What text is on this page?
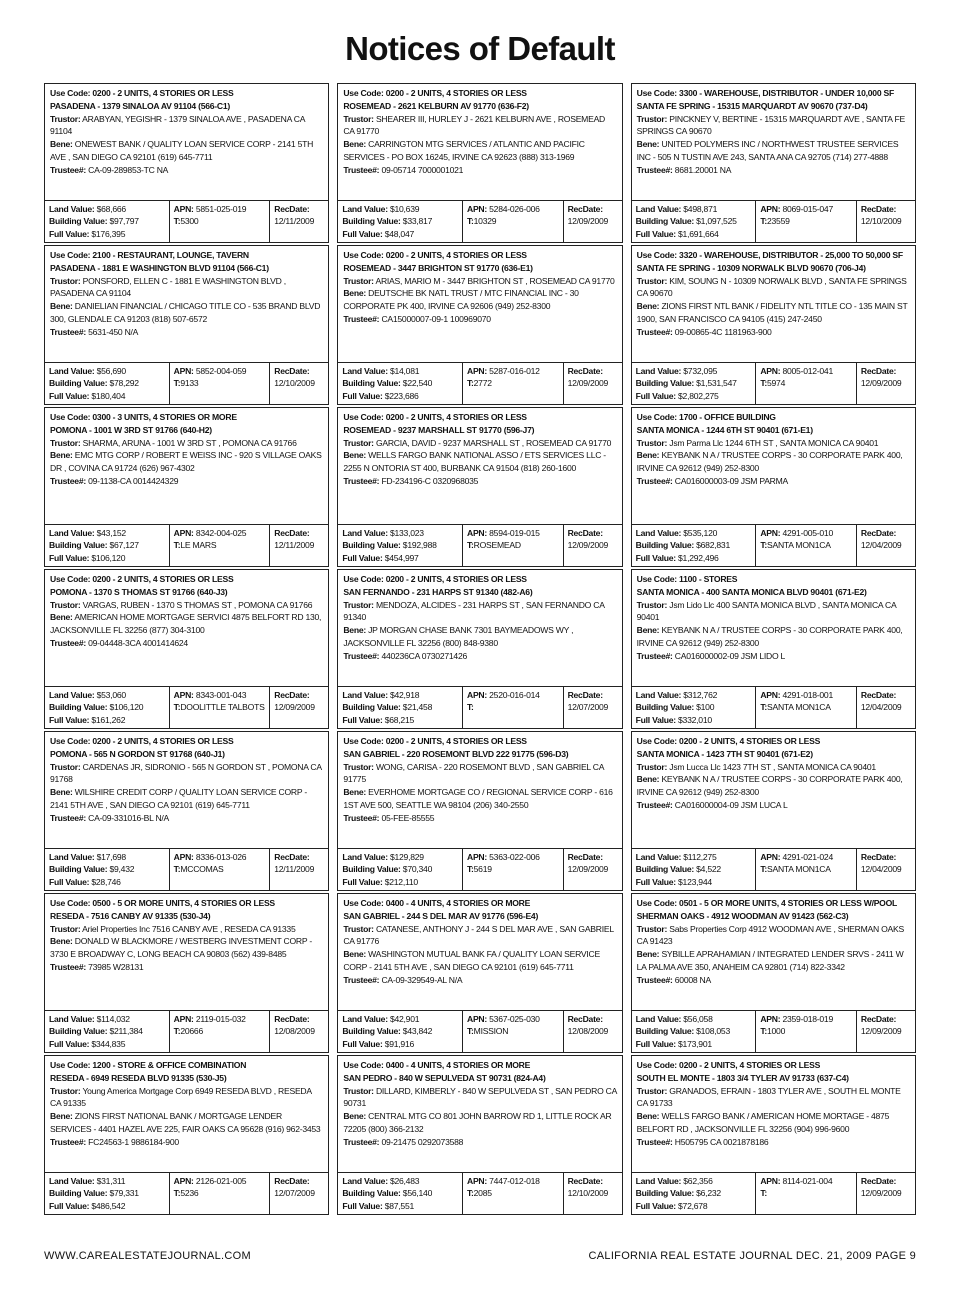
Notices of Default
Use Code: 0200 - 2 UNITS, 4 STORIES OR LESS
PASADENA - 1379 SINALOA AV 91104 (566-C1)
Trustor: ARABYAN, YEGISHR - 1379 SINALOA AVE , PASADENA CA 91104
Bene: ONEWEST BANK / QUALITY LOAN SERVICE CORP - 2141 5TH AVE , SAN DIEGO CA 92101 (619) 645-7711
Trustee#: CA-09-289853-TC NA
Land Value: $68,666
Building Value: $97,797
Full Value: $176,395
APN: 5851-025-019
T:5300
RecDate:
12/11/2009
Use Code: 0200 - 2 UNITS, 4 STORIES OR LESS
ROSEMEAD - 2621 KELBURN AV 91770 (636-F2)
Trustor: SHEARER III, HURLEY J - 2621 KELBURN AVE , ROSEMEAD CA 91770
Bene: CARRINGTON MTG SERVICES / ATLANTIC AND PACIFIC SERVICES - PO BOX 16245, IRVINE CA 92623 (888) 313-1969
Trustee#: 09-05714 7000001021
Land Value: $10,639
Building Value: $33,817
Full Value: $48,047
APN: 5284-026-006
T:10329
RecDate:
12/09/2009
Use Code: 3300 - WAREHOUSE, DISTRIBUTOR - UNDER 10,000 SF
SANTA FE SPRING - 15315 MARQUARDT AV 90670 (737-D4)
Trustor: PINCKNEY V, BERTINE - 15315 MARQUARDT AVE , SANTA FE SPRINGS CA 90670
Bene: UNITED POLYMERS INC / NORTHWEST TRUSTEE SERVICES INC - 505 N TUSTIN AVE 243, SANTA ANA CA 92705 (714) 277-4888
Trustee#: 8681.20001 NA
Land Value: $498,871
Building Value: $1,097,525
Full Value: $1,691,664
APN: 8069-015-047
T:23559
RecDate:
12/10/2009
Use Code: 2100 - RESTAURANT, LOUNGE, TAVERN
PASADENA - 1881 E WASHINGTON BLVD 91104 (566-C1)
Trustor: PONSFORD, ELLEN C - 1881 E WASHINGTON BLVD , PASADENA CA 91104
Bene: DANIELIAN FINANCIAL / CHICAGO TITLE CO - 535 BRAND BLVD 300, GLENDALE CA 91203 (818) 507-6572
Trustee#: 5631-450 N/A
Land Value: $56,690
Building Value: $78,292
Full Value: $180,404
APN: 5852-004-059
T:9133
RecDate:
12/10/2009
Use Code: 0200 - 2 UNITS, 4 STORIES OR LESS
ROSEMEAD - 3447 BRIGHTON ST 91770 (636-E1)
Trustor: ARIAS, MARIO M - 3447 BRIGHTON ST , ROSEMEAD CA 91770
Bene: DEUTSCHE BK NATL TRUST / MTC FINANCIAL INC - 30 CORPORATE PK 400, IRVINE CA 92606 (949) 252-8300
Trustee#: CA15000007-09-1 100969070
Land Value: $14,081
Building Value: $22,540
Full Value: $223,686
APN: 5287-016-012
T:2772
RecDate:
12/09/2009
Use Code: 3320 - WAREHOUSE, DISTRIBUTOR - 25,000 TO 50,000 SF
SANTA FE SPRING - 10309 NORWALK BLVD 90670 (706-J4)
Trustor: KIM, SOUNG N - 10309 NORWALK BLVD , SANTA FE SPRINGS CA 90670
Bene: ZIONS FIRST NTL BANK / FIDELITY NTL TITLE CO - 135 MAIN ST 1900, SAN FRANCISCO CA 94105 (415) 247-2450
Trustee#: 09-00865-4C 1181963-900
Land Value: $732,095
Building Value: $1,531,547
Full Value: $2,802,275
APN: 8005-012-041
T:5974
RecDate:
12/09/2009
Use Code: 0300 - 3 UNITS, 4 STORIES OR MORE
POMONA - 1001 W 3RD ST 91766 (640-H2)
Trustor: SHARMA, ARUNA - 1001 W 3RD ST , POMONA CA 91766
Bene: EMC MTG CORP / ROBERT E WEISS INC - 920 S VILLAGE OAKS DR , COVINA CA 91724 (626) 967-4302
Trustee#: 09-1138-CA 0014424329
Land Value: $43,152
Building Value: $67,127
Full Value: $106,120
APN: 8342-004-025
T:LE MARS
RecDate:
12/11/2009
Use Code: 0200 - 2 UNITS, 4 STORIES OR LESS
ROSEMEAD - 9237 MARSHALL ST 91770 (596-J7)
Trustor: GARCIA, DAVID - 9237 MARSHALL ST , ROSEMEAD CA 91770
Bene: WELLS FARGO BANK NATIONAL ASSO / ETS SERVICES LLC - 2255 N ONTORIA ST 400, BURBANK CA 91504 (818) 260-1600
Trustee#: FD-234196-C 0320968035
Land Value: $133,023
Building Value: $192,988
Full Value: $454,997
APN: 8594-019-015
T:ROSEMEAD
RecDate:
12/09/2009
Use Code: 1700 - OFFICE BUILDING
SANTA MONICA - 1244 6TH ST 90401 (671-E1)
Trustor: Jsm Parma Llc 1244 6TH ST , SANTA MONICA CA 90401
Bene: KEYBANK N A / TRUSTEE CORPS - 30 CORPORATE PARK 400, IRVINE CA 92612 (949) 252-8300
Trustee#: CA016000003-09 JSM PARMA
Land Value: $535,120
Building Value: $682,831
Full Value: $1,292,496
APN: 4291-005-010
T:SANTA MON1CA
RecDate:
12/04/2009
Use Code: 0200 - 2 UNITS, 4 STORIES OR LESS
POMONA - 1370 S THOMAS ST 91766 (640-J3)
Trustor: VARGAS, RUBEN - 1370 S THOMAS ST , POMONA CA 91766
Bene: AMERICAN HOME MORTGAGE SERVICI 4875 BELFORT RD 130, JACKSONVILLE FL 32256 (877) 304-3100
Trustee#: 09-04448-3CA 4001414624
Land Value: $53,060
Building Value: $106,120
Full Value: $161,262
APN: 8343-001-043
T:DOOLITTLE TALBOTS
RecDate:
12/09/2009
Use Code: 0200 - 2 UNITS, 4 STORIES OR LESS
SAN FERNANDO - 231 HARPS ST 91340 (482-A6)
Trustor: MENDOZA, ALCIDES - 231 HARPS ST , SAN FERNANDO CA 91340
Bene: JP MORGAN CHASE BANK 7301 BAYMEADOWS WY , JACKSONVILLE FL 32256 (800) 848-9380
Trustee#: 440236CA 0730271426
Land Value: $42,918
Building Value: $21,458
Full Value: $68,215
APN: 2520-016-014
T:
RecDate:
12/07/2009
Use Code: 1100 - STORES
SANTA MONICA - 400 SANTA MONICA BLVD 90401 (671-E2)
Trustor: Jsm Lido Llc 400 SANTA MONICA BLVD , SANTA MONICA CA 90401
Bene: KEYBANK N A / TRUSTEE CORPS - 30 CORPORATE PARK 400, IRVINE CA 92612 (949) 252-8300
Trustee#: CA016000002-09 JSM LIDO L
Land Value: $312,762
Building Value: $100
Full Value: $332,010
APN: 4291-018-001
T:SANTA MON1CA
RecDate:
12/04/2009
Use Code: 0200 - 2 UNITS, 4 STORIES OR LESS
POMONA - 565 N GORDON ST 91768 (640-J1)
Trustor: CARDENAS JR, SIDRONIO - 565 N GORDON ST , POMONA CA 91768
Bene: WILSHIRE CREDIT CORP / QUALITY LOAN SERVICE CORP - 2141 5TH AVE , SAN DIEGO CA 92101 (619) 645-7711
Trustee#: CA-09-331016-BL N/A
Land Value: $17,698
Building Value: $9,432
Full Value: $28,746
APN: 8336-013-026
T:MCCOMAS
RecDate:
12/11/2009
Use Code: 0200 - 2 UNITS, 4 STORIES OR LESS
SAN GABRIEL - 220 ROSEMONT BLVD 222 91775 (596-D3)
Trustor: WONG, CARISA - 220 ROSEMONT BLVD , SAN GABRIEL CA 91775
Bene: EVERHOME MORTGAGE CO / REGIONAL SERVICE CORP - 616 1ST AVE 500, SEATTLE WA 98104 (206) 340-2550
Trustee#: 05-FEE-85555
Land Value: $129,829
Building Value: $70,340
Full Value: $212,110
APN: 5363-022-006
T:5619
RecDate:
12/09/2009
Use Code: 0200 - 2 UNITS, 4 STORIES OR LESS
SANTA MONICA - 1423 7TH ST 90401 (671-E2)
Trustor: Jsm Lucca Llc 1423 7TH ST , SANTA MONICA CA 90401
Bene: KEYBANK N A / TRUSTEE CORPS - 30 CORPORATE PARK 400, IRVINE CA 92612 (949) 252-8300
Trustee#: CA016000004-09 JSM LUCA L
Land Value: $112,275
Building Value: $4,522
Full Value: $123,944
APN: 4291-021-024
T:SANTA MON1CA
RecDate:
12/04/2009
Use Code: 0500 - 5 OR MORE UNITS, 4 STORIES OR LESS
RESEDA - 7516 CANBY AV 91335 (530-J4)
Trustor: Ariel Properties Inc 7516 CANBY AVE , RESEDA CA 91335
Bene: DONALD W BLACKMORE / WESTBERG INVESTMENT CORP - 3730 E BROADWAY C, LONG BEACH CA 90803 (562) 439-8485
Trustee#: 73985 W28131
Land Value: $114,032
Building Value: $211,384
Full Value: $344,835
APN: 2119-015-032
T:20666
RecDate:
12/08/2009
Use Code: 0400 - 4 UNITS, 4 STORIES OR MORE
SAN GABRIEL - 244 S DEL MAR AV 91776 (596-E4)
Trustor: CATANESE, ANTHONY J - 244 S DEL MAR AVE , SAN GABRIEL CA 91776
Bene: WASHINGTON MUTUAL BANK FA / QUALITY LOAN SERVICE CORP - 2141 5TH AVE , SAN DIEGO CA 92101 (619) 645-7711
Trustee#: CA-09-329549-AL N/A
Land Value: $42,901
Building Value: $43,842
Full Value: $91,916
APN: 5367-025-030
T:MISSION
RecDate:
12/08/2009
Use Code: 0501 - 5 OR MORE UNITS, 4 STORIES OR LESS W/POOL
SHERMAN OAKS - 4912 WOODMAN AV 91423 (562-C3)
Trustor: Sabs Properties Corp 4912 WOODMAN AVE , SHERMAN OAKS CA 91423
Bene: SYBILLE APRAHAMIAN / INTEGRATED LENDER SRVS - 2411 W LA PALMA AVE 350, ANAHEIM CA 92801 (714) 822-3342
Trustee#: 60008 NA
Land Value: $56,058
Building Value: $108,053
Full Value: $173,901
APN: 2359-018-019
T:1000
RecDate:
12/09/2009
Use Code: 1200 - STORE & OFFICE COMBINATION
RESEDA - 6949 RESEDA BLVD 91335 (530-J5)
Trustor: Young America Mortgage Corp 6949 RESEDA BLVD , RESEDA CA 91335
Bene: ZIONS FIRST NATIONAL BANK / MORTGAGE LENDER SERVICES - 4401 HAZEL AVE 225, FAIR OAKS CA 95628 (916) 962-3453
Trustee#: FC24563-1 9886184-900
Land Value: $31,311
Building Value: $79,331
Full Value: $486,542
APN: 2126-021-005
T:5236
RecDate:
12/07/2009
Use Code: 0400 - 4 UNITS, 4 STORIES OR MORE
SAN PEDRO - 840 W SEPULVEDA ST 90731 (824-A4)
Trustor: DILLARD, KIMBERLY - 840 W SEPULVEDA ST , SAN PEDRO CA 90731
Bene: CENTRAL MTG CO 801 JOHN BARROW RD 1, LITTLE ROCK AR 72205 (800) 366-2132
Trustee#: 09-21475 0292073588
Land Value: $26,483
Building Value: $56,140
Full Value: $87,551
APN: 7447-012-018
T:2085
RecDate:
12/10/2009
Use Code: 0200 - 2 UNITS, 4 STORIES OR LESS
SOUTH EL MONTE - 1803 3/4 TYLER AV 91733 (637-C4)
Trustor: GRANADOS, EFRAIN - 1803 TYLER AVE , SOUTH EL MONTE CA 91733
Bene: WELLS FARGO BANK / AMERICAN HOME MORTAGE - 4875 BELFORT RD , JACKSONVILLE FL 32256 (904) 996-9600
Trustee#: H505795 CA 0021878186
Land Value: $62,356
Building Value: $6,232
Full Value: $72,678
APN: 8114-021-004
T:
RecDate:
12/09/2009
WWW.CAREALESTATEJOURNAL.COM	CALIFORNIA REAL ESTATE JOURNAL DEC. 21, 2009 PAGE 9
